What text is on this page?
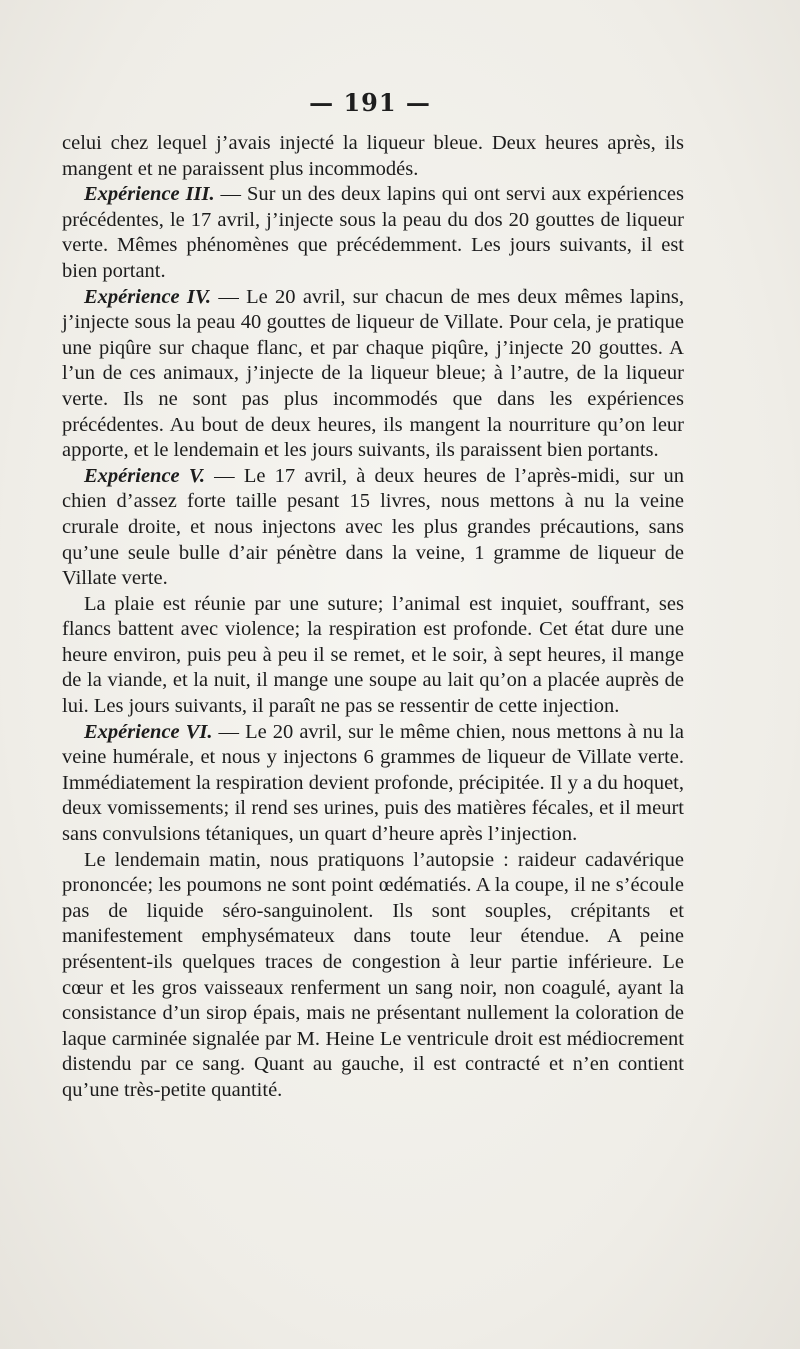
— 191 —

celui chez lequel j’avais injecté la liqueur bleue. Deux heures après, ils mangent et ne paraissent plus incommodés.

Expérience III. — Sur un des deux lapins qui ont servi aux expériences précédentes, le 17 avril, j’injecte sous la peau du dos 20 gouttes de liqueur verte. Mêmes phénomènes que précédemment. Les jours suivants, il est bien portant.

Expérience IV. — Le 20 avril, sur chacun de mes deux mêmes lapins, j’injecte sous la peau 40 gouttes de liqueur de Villate. Pour cela, je pratique une piqûre sur chaque flanc, et par chaque piqûre, j’injecte 20 gouttes. A l’un de ces animaux, j’injecte de la liqueur bleue; à l’autre, de la liqueur verte. Ils ne sont pas plus incommodés que dans les expériences précédentes. Au bout de deux heures, ils mangent la nourriture qu’on leur apporte, et le lendemain et les jours suivants, ils paraissent bien portants.

Expérience V. — Le 17 avril, à deux heures de l’après-midi, sur un chien d’assez forte taille pesant 15 livres, nous mettons à nu la veine crurale droite, et nous injectons avec les plus grandes précautions, sans qu’une seule bulle d’air pénètre dans la veine, 1 gramme de liqueur de Villate verte.

La plaie est réunie par une suture; l’animal est inquiet, souffrant, ses flancs battent avec violence; la respiration est profonde. Cet état dure une heure environ, puis peu à peu il se remet, et le soir, à sept heures, il mange de la viande, et la nuit, il mange une soupe au lait qu’on a placée auprès de lui. Les jours suivants, il paraît ne pas se ressentir de cette injection.

Expérience VI. — Le 20 avril, sur le même chien, nous mettons à nu la veine humérale, et nous y injectons 6 grammes de liqueur de Villate verte. Immédiatement la respiration devient profonde, précipitée. Il y a du hoquet, deux vomissements; il rend ses urines, puis des matières fécales, et il meurt sans convulsions tétaniques, un quart d’heure après l’injection.

Le lendemain matin, nous pratiquons l’autopsie : raideur cadavérique prononcée; les poumons ne sont point œdématiés. A la coupe, il ne s’écoule pas de liquide séro-sanguinolent. Ils sont souples, crépitants et manifestement emphysémateux dans toute leur étendue. A peine présentent-ils quelques traces de congestion à leur partie inférieure. Le cœur et les gros vaisseaux renferment un sang noir, non coagulé, ayant la consistance d’un sirop épais, mais ne présentant nullement la coloration de laque carminée signalée par M. Heine Le ventricule droit est médiocrement distendu par ce sang. Quant au gauche, il est contracté et n’en contient qu’une très-petite quantité.
